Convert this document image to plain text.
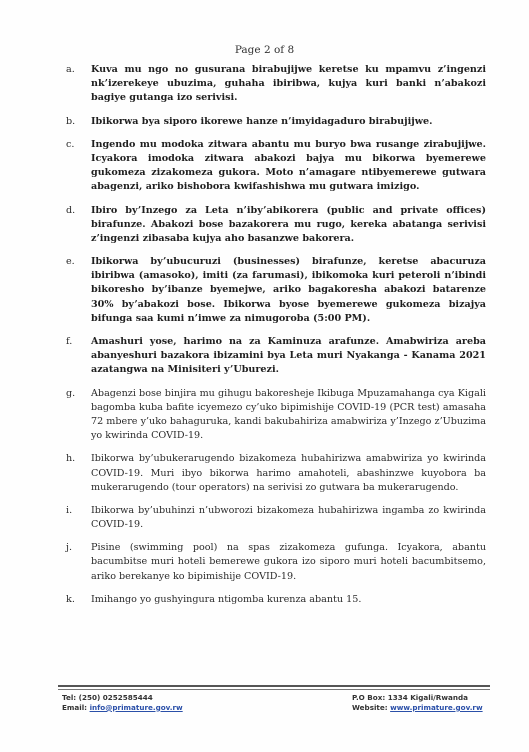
Page 2 of 8
a. Kuva mu ngo no gusurana birabujijwe keretse ku mpamvu z’ingenzi nk’izerekeye ubuzima, guhaha ibiribwa, kujya kuri banki n’abakozi bagiye gutanga izo serivisi.
b. Ibikorwa bya siporo ikorewe hanze n’imyidagaduro birabujijwe.
c. Ingendo mu modoka zitwara abantu mu buryo bwa rusange zirabujijwe. Icyakora imodoka zitwara abakozi bajya mu bikorwa byemerewe gukomeza zizakomeza gukora. Moto n’amagare ntibyemerewe gutwara abagenzi, ariko bishobora kwifashishwa mu gutwara imizigo.
d. Ibiro by’Inzego za Leta n’iby’abikorera (public and private offices) birafunze. Abakozi bose bazakorera mu rugo, kereka abatanga serivisi z’ingenzi zibasaba kujya aho basanzwe bakorera.
e. Ibikorwa by’ubucuruzi (businesses) birafunze, keretse abacuruza ibiribwa (amasoko), imiti (za farumasi), ibikomoka kuri peteroli n’ibindi bikoresho by’ibanze byemejwe, ariko bagakoresha abakozi batarenze 30% by’abakozi bose. Ibikorwa byose byemerewe gukomeza bizajya bifunga saa kumi n’imwe za nimugoroba (5:00 PM).
f. Amashuri yose, harimo na za Kaminuza arafunze. Amabwiriza areba abanyeshuri bazakora ibizamini bya Leta muri Nyakanga - Kanama 2021 azatangwa na Minisiteri y’Uburezi.
g. Abagenzi bose binjira mu gihugu bakoresheje Ikibuga Mpuzamahanga cya Kigali bagomba kuba bafite icyemezo cy’uko bipimishije COVID-19 (PCR test) amasaha 72 mbere y’uko bahaguruka, kandi bakubahiriza amabwiriza y’Inzego z’Ubuzima yo kwirinda COVID-19.
h. Ibikorwa by’ubukerarugendo bizakomeza hubahirizwa amabwiriza yo kwirinda COVID-19. Muri ibyo bikorwa harimo amahoteli, abashinzwe kuyobora ba mukerarugendo (tour operators) na serivisi zo gutwara ba mukerarugendo.
i. Ibikorwa by’ubuhinzi n’ubworozi bizakomeza hubahirizwa ingamba zo kwirinda COVID-19.
j. Pisine (swimming pool) na spas zizakomeza gufunga. Icyakora, abantu bacumbitse muri hoteli bemerewe gukora izo siporo muri hoteli bacumbitsemo, ariko berekanye ko bipimishije COVID-19.
k. Imihango yo gushyingura ntigomba kurenza abantu 15.
Tel: (250) 0252585444
Email: info@primature.gov.rw
P.O Box: 1334 Kigali/Rwanda
Website: www.primature.gov.rw
